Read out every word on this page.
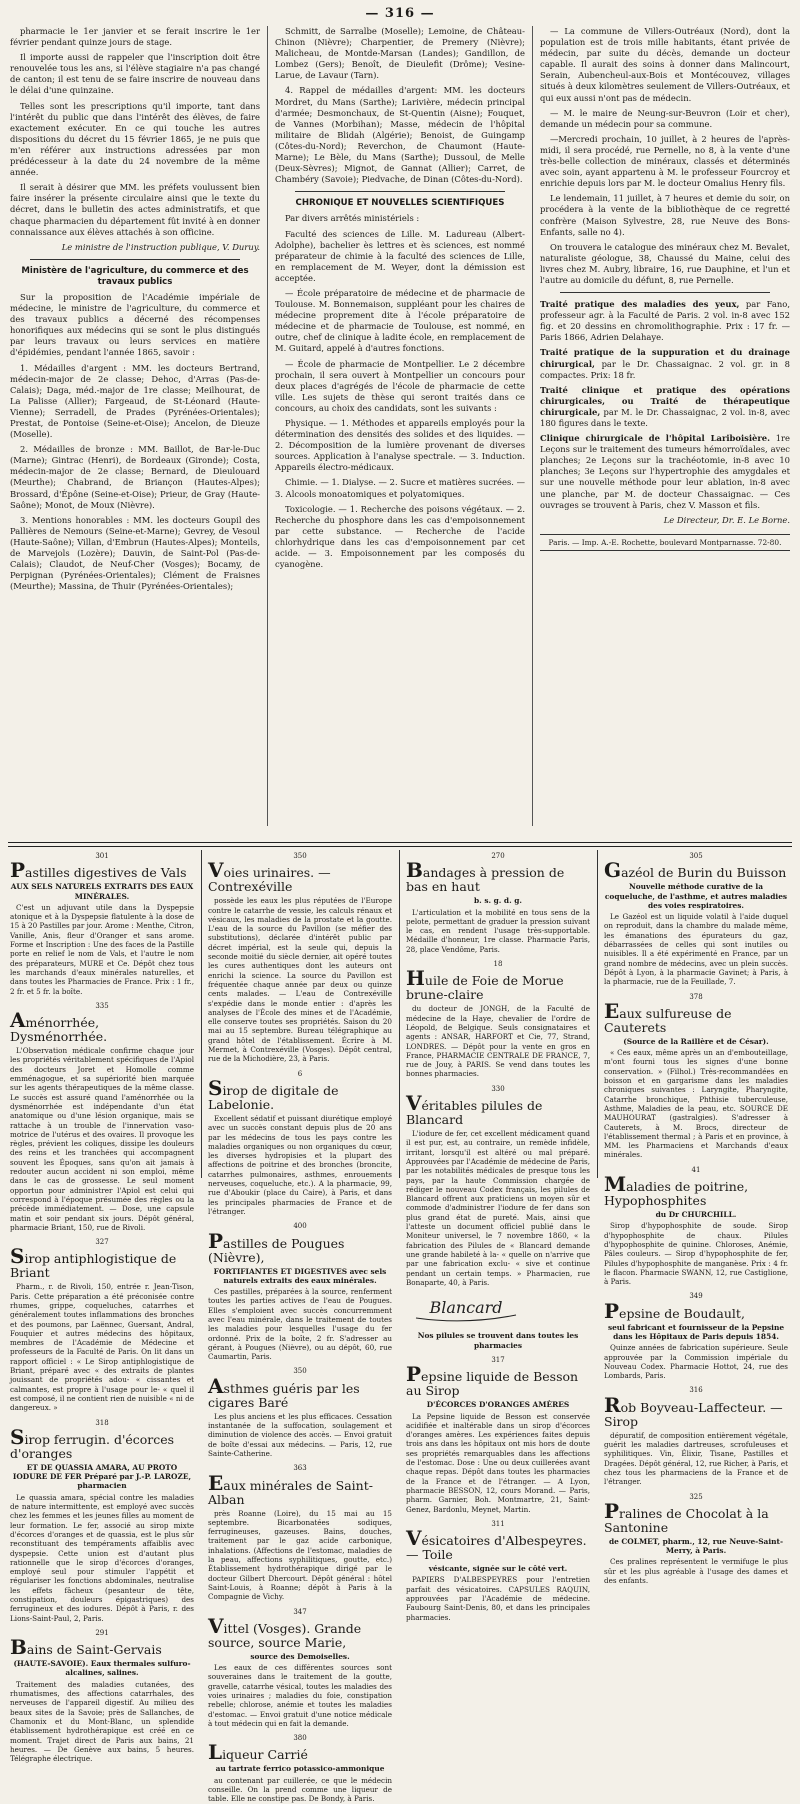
— 316 —

pharmacie le 1er janvier et se ferait inscrire le 1er février pendant quinze jours de stage.

Il importe aussi de rappeler que l'inscription doit être renouvelée tous les ans, si l'élève stagiaire n'a pas changé de canton; il est tenu de se faire inscrire de nouveau dans le délai d'une quinzaine.

Telles sont les prescriptions qu'il importe, tant dans l'intérêt du public que dans l'intérêt des élèves, de faire exactement exécuter. En ce qui touche les autres dispositions du décret du 15 février 1865, je ne puis que m'en référer aux instructions adressées par mon prédécesseur à la date du 24 novembre de la même année.

Il serait à désirer que MM. les préfets voulussent bien faire insérer la présente circulaire ainsi que le texte du décret, dans le bulletin des actes administratifs, et que chaque pharmacien du département fût invité à en donner connaissance aux élèves attachés à son officine.

Le ministre de l'instruction publique, V. Duruy.
Ministère de l'agriculture, du commerce et des travaux publics

Sur la proposition de l'Académie impériale de médecine, le ministre de l'agriculture, du commerce et des travaux publics a décerné des récompenses honorifiques aux médecins qui se sont le plus distingués par leurs travaux ou leurs services en matière d'épidémies, pendant l'année 1865, savoir :

1. Médailles d'argent : MM. les docteurs Bertrand, médecin-major de 2e classe; Dehoc, d'Arras (Pas-de-Calais); Daga, méd.-major de 1re classe; Meilhourat, de La Palisse (Allier); Fargeaud, de St-Léonard (Haute-Vienne); Serradell, de Prades (Pyrénées-Orientales); Prestat, de Pontoise (Seine-et-Oise); Ancelon, de Dieuze (Moselle).

2. Médailles de bronze : MM. Baillot, de Bar-le-Duc (Marne); Gintrac (Henri), de Bordeaux (Gironde); Costa, médecin-major de 2e classe; Bernard, de Dieulouard (Meurthe); Chabrand, de Briançon (Hautes-Alpes); Brossard, d'Épône (Seine-et-Oise); Prieur, de Gray (Haute-Saône); Monot, de Moux (Nièvre).

3. Mentions honorables : MM. les docteurs Goupil des Pallières de Nemours (Seine-et-Marne); Gevrey, de Vesoul (Haute-Saône); Villan, d'Embrun (Hautes-Alpes); Monteils, de Marvejols (Lozère); Dauvin, de Saint-Pol (Pas-de-Calais); Claudot, de Neuf-Cher (Vosges); Bocamy, de Perpignan (Pyrénées-Orientales); Clément de Fraisnes (Meurthe); Massina, de Thuir (Pyrénées-Orientales);

Schmitt, de Sarralbe (Moselle); Lemoine, de Château-Chinon (Nièvre); Charpentier, de Premery (Nièvre); Malicheau, de Montde-Marsan (Landes); Gandillon, de Lombez (Gers); Benoît, de Dieulefit (Drôme); Vesine-Larue, de Lavaur (Tarn).

4. Rappel de médailles d'argent: MM. les docteurs Mordret, du Mans (Sarthe); Larivière, médecin principal d'armée; Desmonchaux, de St-Quentin (Aisne); Fouquet, de Vannes (Morbihan); Masse, médecin de l'hôpital militaire de Blidah (Algérie); Benoist, de Guingamp (Côtes-du-Nord); Reverchon, de Chaumont (Haute-Marne); Le Bèle, du Mans (Sarthe); Dussoul, de Melle (Deux-Sèvres); Mignot, de Gannat (Allier); Carret, de Chambéry (Savoie); Piedvache, de Dinan (Côtes-du-Nord).

CHRONIQUE ET NOUVELLES SCIENTIFIQUES

Par divers arrêtés ministériels :

Faculté des sciences de Lille. M. Ladureau (Albert-Adolphe), bachelier ès lettres et ès sciences, est nommé préparateur de chimie à la faculté des sciences de Lille, en remplacement de M. Weyer, dont la démission est acceptée.

— École préparatoire de médecine et de pharmacie de Toulouse. M. Bonnemaison, suppléant pour les chaires de médecine proprement dite à l'école préparatoire de médecine et de pharmacie de Toulouse, est nommé, en outre, chef de clinique à ladite école, en remplacement de M. Guitard, appelé à d'autres fonctions.

— École de pharmacie de Montpellier. Le 2 décembre prochain, il sera ouvert à Montpellier un concours pour deux places d'agrégés de l'école de pharmacie de cette ville. Les sujets de thèse qui seront traités dans ce concours, au choix des candidats, sont les suivants :

Physique. — 1. Méthodes et appareils employés pour la détermination des densités des solides et des liquides. — 2. Décomposition de la lumière provenant de diverses sources. Application à l'analyse spectrale. — 3. Induction. Appareils électro-médicaux.

Chimie. — 1. Dialyse. — 2. Sucre et matières sucrées. — 3. Alcools monoatomiques et polyatomiques.

Toxicologie. — 1. Recherche des poisons végétaux. — 2. Recherche du phosphore dans les cas d'empoisonnement par cette substance. — Recherche de l'acide chlorhydrique dans les cas d'empoisonnement par cet acide. — 3. Empoisonnement par les composés du cyanogène.

— La commune de Villers-Outréaux (Nord), dont la population est de trois mille habitants, étant privée de médecin, par suite du décès, demande un docteur capable. Il aurait des soins à donner dans Malincourt, Serain, Aubencheul-aux-Bois et Montécouvez, villages situés à deux kilomètres seulement de Villers-Outréaux, et qui eux aussi n'ont pas de médecin.

— M. le maire de Neung-sur-Beuvron (Loir et cher), demande un médecin pour sa commune.

—Mercredi prochain, 10 juillet, à 2 heures de l'après-midi, il sera procédé, rue Pernelle, no 8, à la vente d'une très-belle collection de minéraux, classés et déterminés avec soin, ayant appartenu à M. le professeur Fourcroy et enrichie depuis lors par M. le docteur Omalius Henry fils.

Le lendemain, 11 juillet, à 7 heures et demie du soir, on procédera à la vente de la bibliothèque de ce regretté confrère (Maison Sylvestre, 28, rue Neuve des Bons-Enfants, salle no 4).

On trouvera le catalogue des minéraux chez M. Bevalet, naturaliste géologue, 38, Chaussé du Maine, celui des livres chez M. Aubry, libraire, 16, rue Dauphine, et l'un et l'autre au domicile du défunt, 8, rue Pernelle.

Traité pratique des maladies des yeux, par Fano, professeur agr. à la Faculté de Paris. 2 vol. in-8 avec 152 fig. et 20 dessins en chromolithographie. Prix : 17 fr. — Paris 1866, Adrien Delahaye.
Traité pratique de la suppuration et du drainage chirurgical, par le Dr. Chassaignac. 2 vol. gr. in 8 compactes. Prix: 18 fr.
Traité clinique et pratique des opérations chirurgicales, ou Traité de thérapeutique chirurgicale, par M. le Dr. Chassaignac, 2 vol. in-8, avec 180 figures dans le texte.
Clinique chirurgicale de l'hôpital Lariboisière. 1re Leçons sur le traitement des tumeurs hémorroïdales, avec planches; 2e Leçons sur la trachéotomie, in-8 avec 10 planches; 3e Leçons sur l'hypertrophie des amygdales et sur une nouvelle méthode pour leur ablation, in-8 avec une planche, par M. de docteur Chassaignac. — Ces ouvrages se trouvent à Paris, chez V. Masson et fils.
Le Directeur, Dr. E. Le Borne.
Paris. — Imp. A.-E. Rochette, boulevard Montparnasse. 72-80.
301
Pastilles digestives de Vals
AUX SELS NATURELS EXTRAITS DES EAUX MINÉRALES.

C'est un adjuvant utile dans la Dyspepsie atonique et à la Dyspepsie flatulente à la dose de 15 à 20 Pastilles par jour. Arome : Menthe, Citron, Vanille, Anis, fleur d'Oranger et sans arome. Forme et Inscription : Une des faces de la Pastille porte en relief le nom de Vals, et l'autre le nom des préparateurs, MURE et Ce. Dépôt chez tous les marchands d'eaux minérales naturelles, et dans toutes les Pharmacies de France. Prix : 1 fr., 2 fr. et 5 fr. la boîte.

335
Aménorrhée, Dysménorrhée.

L'Observation médicale confirme chaque jour les propriétés véritablement spécifiques de l'Apiol des docteurs Joret et Homolle comme emménagogue, et sa supériorité bien marquée sur les agents thérapeutiques de la même classe. Le succès est assuré quand l'aménorrhée ou la dysménorrhée est indépendante d'un état anatomique ou d'une lésion organique, mais se rattache à un trouble de l'innervation vaso-motrice de l'utérus et des ovaires. Il provoque les règles, prévient les coliques, dissipe les douleurs des reins et les tranchées qui accompagnent souvent les Époques, sans qu'on ait jamais à redouter aucun accident ni son emploi, même dans le cas de grossesse. Le seul moment opportun pour administrer l'Apiol est celui qui correspond à l'époque présumée des règles ou la précède immédiatement. — Dose, une capsule matin et soir pendant six jours. Dépôt général, pharmacie Briant, 150, rue de Rivoli.

327
Sirop antiphlogistique de Briant

Pharm., r. de Rivoli, 150, entrée r. Jean-Tison, Paris. Cette préparation a été préconisée contre rhumes, grippe, coqueluches, catarrhes et généralement toutes inflammations des bronches et des poumons, par Laënnec, Guersant, Andral, Fouquier et autres médecins des hôpitaux, membres de l'Académie de Médecine et professeurs de la Faculté de Paris. On lit dans un rapport officiel : « Le Sirop antiphlogistique de Briant, préparé avec « des extraits de plantes jouissant de propriétés adou- « cissantes et calmantes, est propre à l'usage pour le- « quel il est composé, il ne contient rien de nuisible « ni de dangereux. »

318
Sirop ferrugin. d'écorces d'oranges
ET DE QUASSIA AMARA, AU PROTO IODURE DE FER Préparé par J.-P. LAROZE, pharmacien

Le quassia amara, spécial contre les maladies de nature intermittente, est employé avec succès chez les femmes et les jeunes filles au moment de leur formation. Le fer, associé au sirop mixte d'écorces d'oranges et de quassia, est le plus sûr reconstituant des tempéraments affaiblis avec dyspepsie. Cette union est d'autant plus rationnelle que le sirop d'écorces d'oranges, employé seul pour stimuler l'appétit et régulariser les fonctions abdominales, neutralise les effets fâcheux (pesanteur de tête, constipation, douleurs épigastriques) des ferrugineux et des iodures. Dépôt à Paris, r. des Lions-Saint-Paul, 2, Paris.

291
Bains de Saint-Gervais
(HAUTE-SAVOIE). Eaux thermales sulfuro-alcalines, salines.

Traitement des maladies cutanées, des rhumatismes, des affections catarrhales, des nerveuses de l'appareil digestif. Au milieu des beaux sites de la Savoie; près de Sallanches, de Chamonix et du Mont-Blanc, un splendide établissement hydrothérapique est créé en ce moment. Trajet direct de Paris aux bains, 21 heures. — De Genève aux bains, 5 heures. Télégraphe électrique.

350
Voies urinaires. — Contrexéville

possède les eaux les plus réputées de l'Europe contre le catarrhe de vessie, les calculs rénaux et vésicaux, les maladies de la prostate et la goutte. L'eau de la source du Pavillon (se méfier des substitutions), déclarée d'intérêt public par décret impérial, est la seule qui, depuis la seconde moitié du siècle dernier, ait opéré toutes les cures authentiques dont les auteurs ont enrichi la science. La source du Pavillon est fréquentée chaque année par deux ou quinze cents malades. — L'eau de Contrexéville s'expédie dans le monde entier : d'après les analyses de l'École des mines et de l'Académie, elle conserve toutes ses propriétés. Saison du 20 mai au 15 septembre. Bureau télégraphique au grand hôtel de l'établissement. Écrire à M. Mermet, à Contrexéville (Vosges). Dépôt central, rue de la Michodière, 23, à Paris.

6
Sirop de digitale de Labelonie.

Excellent sédatif et puissant diurétique employé avec un succès constant depuis plus de 20 ans par les médecins de tous les pays contre les maladies organiques ou non organiques du cœur, les diverses hydropisies et la plupart des affections de poitrine et des bronches (broncite, catarrhes pulmonaires, asthmes, enrouements nerveuses, coqueluche, etc.). A la pharmacie, 99, rue d'Aboukir (place du Caire), à Paris, et dans les principales pharmacies de France et de l'étranger.

400
Pastilles de Pougues (Nièvre),
FORTIFIANTES ET DIGESTIVES avec sels naturels extraits des eaux minérales.

Ces pastilles, préparées à la source, renferment toutes les parties actives de l'eau de Pougues. Elles s'emploient avec succès concurremment avec l'eau minérale, dans le traitement de toutes les maladies pour lesquelles l'usage du fer ordonné. Prix de la boîte, 2 fr. S'adresser au gérant, à Pougues (Nièvre), ou au dépôt, 60, rue Caumartin, Paris.

350
Asthmes guéris par les cigares Baré

Les plus anciens et les plus efficaces. Cessation instantanée de la suffocation, soulagement et diminution de violence des accès. — Envoi gratuit de boîte d'essai aux médecins. — Paris, 12, rue Sainte-Catherine.

363
Eaux minérales de Saint-Alban

près Roanne (Loire), du 15 mai au 15 septembre. Bicarbonatées sodiques, ferrugineuses, gazeuses. Bains, douches, traitement par le gaz acide carbonique, inhalations. (Affections de l'estomac, maladies de la peau, affections syphilitiques, goutte, etc.) Établissement hydrothérapique dirigé par le docteur Gilbert Dhercourt. Dépôt général : hôtel Saint-Louis, à Roanne; dépôt à Paris à la Compagnie de Vichy.

347
Vittel (Vosges). Grande source, source Marie,
source des Demoiselles.

Les eaux de ces différentes sources sont souveraines dans le traitement de la goutte, gravelle, catarrhe vésical, toutes les maladies des voies urinaires ; maladies du foie, constipation rebelle; chlorose, anémie et toutes les maladies d'estomac. — Envoi gratuit d'une notice médicale à tout médecin qui en fait la demande.

380
Liqueur Carrié
au tartrate ferrico potassico-ammonique

au contenant par cuillerée, ce que le médecin conseille. On la prend comme une liqueur de table. Elle ne constipe pas. De Bondy, à Paris.

270
Bandages à pression de bas en haut
b. s. g. d. g.

L'articulation et la mobilité en tous sens de la pelote, permettant de graduer la pression suivant le cas, en rendent l'usage très-supportable. Médaille d'honneur, 1re classe. Pharmacie Paris, 28, place Vendôme, Paris.

18
Huile de Foie de Morue brune-claire

du docteur de JONGH, de la Faculté de médecine de la Haye, chevalier de l'ordre de Léopold, de Belgique. Seuls consignataires et agents : ANSAR, HARFORT et Cie, 77, Strand, LONDRES. — Dépôt pour la vente en gros en France, PHARMACIE CENTRALE DE FRANCE, 7, rue de Jouy, à PARIS. Se vend dans toutes les bonnes pharmacies.

330
Véritables pilules de Blancard

L'iodure de fer, cet excellent médicament quand il est pur, est, au contraire, un remède infidèle, irritant, lorsqu'il est altéré ou mal préparé. Approuvées par l'Académie de médecine de Paris, par les notabilités médicales de presque tous les pays, par la haute Commission chargée de rédiger le nouveau Codex français, les pilules de Blancard offrent aux praticiens un moyen sûr et commode d'administrer l'iodure de fer dans son plus grand état de pureté. Mais, ainsi que l'atteste un document officiel publié dans le Moniteur universel, le 7 novembre 1860, « la fabrication des Pilules de « Blancard demande une grande habileté à la- « quelle on n'arrive que par une fabrication exclu- « sive et continue pendant un certain temps. » Pharmacien, rue Bonaparte, 40, à Paris.

Blancard
Nos pilules se trouvent dans toutes les pharmacies
317
Pepsine liquide de Besson au Sirop
D'ÉCORCES D'ORANGES AMÈRES

La Pepsine liquide de Besson est conservée acidifiée et inaltérable dans un sirop d'écorces d'oranges amères. Les expériences faites depuis trois ans dans les hôpitaux ont mis hors de doute ses propriétés remarquables dans les affections de l'estomac. Dose : Une ou deux cuillerées avant chaque repas. Dépôt dans toutes les pharmacies de la France et de l'étranger. — A Lyon, pharmacie BESSON, 12, cours Morand. — Paris, pharm. Garnier, Boh. Montmartre, 21, Saint-Genez, Bardonlu, Meynet, Martin.

311
Vésicatoires d'Albespeyres. — Toile
vésicante, signée sur le côté vert.

PAPIERS D'ALBESPEYRES pour l'entretien parfait des vésicatoires. CAPSULES RAQUIN, approuvées par l'Académie de médecine. Faubourg Saint-Denis, 80, et dans les principales pharmacies.

305
Gazéol de Burin du Buisson
Nouvelle méthode curative de la coqueluche, de l'asthme, et autres maladies des voies respiratoires.

Le Gazéol est un liquide volatil à l'aide duquel on reproduit, dans la chambre du malade même, les émanations des épurateurs du gaz, débarrassées de celles qui sont inutiles ou nuisibles. Il a été expérimenté en France, par un grand nombre de médecins, avec un plein succès. Dépôt à Lyon, à la pharmacie Gavinet; à Paris, à la pharmacie, rue de la Feuillade, 7.

378
Eaux sulfureuse de Cauterets
(Source de la Raillère et de César).

« Ces eaux, même après un an d'embouteillage, m'ont fourni tous les signes d'une bonne conservation. » (Filhol.) Très-recommandées en boisson et en gargarisme dans les maladies chroniques suivantes : Laryngite, Pharyngite, Catarrhe bronchique, Phthisie tuberculeuse, Asthme, Maladies de la peau, etc. SOURCE DE MAUHOURAT (gastralgies). S'adresser à Cauterets, à M. Brocs, directeur de l'établissement thermal ; à Paris et en province, à MM. les Pharmaciens et Marchands d'eaux minérales.

41
Maladies de poitrine, Hypophosphites
du Dr CHURCHILL.

Sirop d'hypophosphite de soude. Sirop d'hypophosphite de chaux. Pilules d'hypophosphite de quinine. Chloroses, Anémie, Pâles couleurs. — Sirop d'hypophosphite de fer, Pilules d'hypophosphite de manganèse. Prix : 4 fr. le flacon. Pharmacie SWANN, 12, rue Castiglione, à Paris.

349
Pepsine de Boudault,
seul fabricant et fournisseur de la Pepsine dans les Hôpitaux de Paris depuis 1854.

Quinze années de fabrication supérieure. Seule approuvée par la Commission impériale du Nouveau Codex. Pharmacie Hottot, 24, rue des Lombards, Paris.

316
Rob Boyveau-Laffecteur. — Sirop

dépuratif, de composition entièrement végétale, guérit les maladies dartreuses, scrofuleuses et syphilitiques. Vin, Élixir, Tisane, Pastilles et Dragées. Dépôt général, 12, rue Richer, à Paris, et chez tous les pharmaciens de la France et de l'étranger.

325
Pralines de Chocolat à la Santonine
de COLMET, pharm., 12, rue Neuve-Saint-Merry, à Paris.

Ces pralines représentent le vermifuge le plus sûr et les plus agréable à l'usage des dames et des enfants.
